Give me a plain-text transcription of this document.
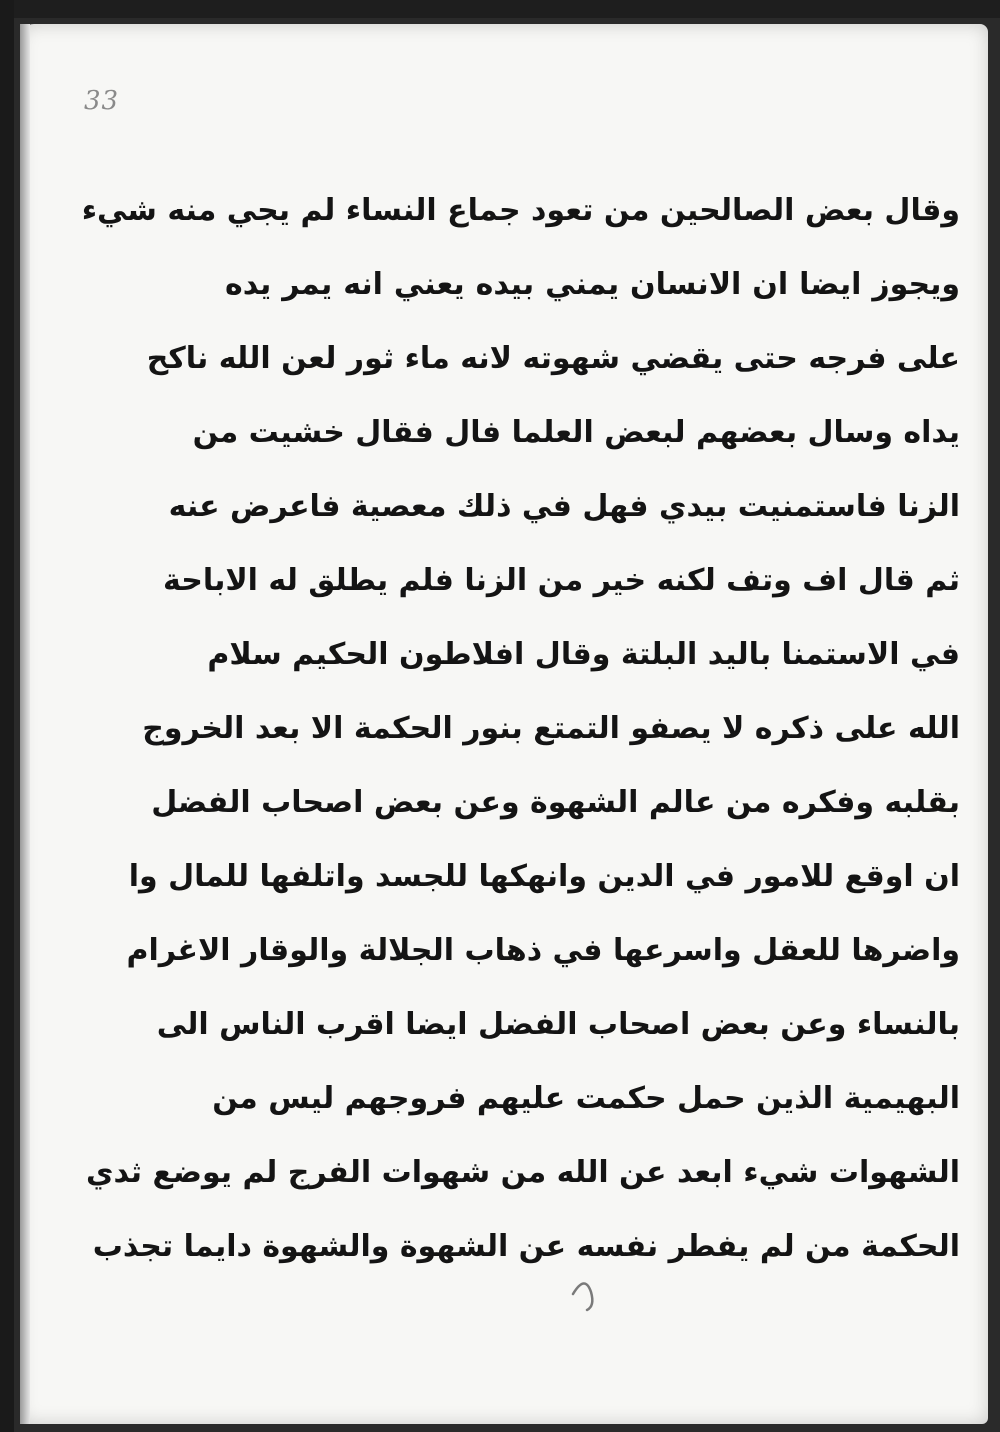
33
وقال بعض الصالحين من تعود جماع النساء لم يجي منه شيء
ويجوز ايضا ان الانسان يمني بيده يعني انه يمر يده
على فرجه حتى يقضي شهوته لانه ماء ثور لعن الله ناكح
يداه وسال بعضهم لبعض العلما فال فقال خشيت من
الزنا فاستمنيت بيدي فهل في ذلك معصية فاعرض عنه
ثم قال اف وتف لكنه خير من الزنا فلم يطلق له الاباحة
في الاستمنا باليد البلتة وقال افلاطون الحكيم سلام
الله على ذكره لا يصفو التمتع بنور الحكمة الا بعد الخروج
بقلبه وفكره من عالم الشهوة وعن بعض اصحاب الفضل
ان اوقع للامور في الدين وانهكها للجسد واتلفها للمال وا
واضرها للعقل واسرعها في ذهاب الجلالة والوقار الاغرام
بالنساء وعن بعض اصحاب الفضل ايضا اقرب الناس الى
البهيمية الذين حمل حكمت عليهم فروجهم ليس من
الشهوات شيء ابعد عن الله من شهوات الفرج لم يوضع ثدي
الحكمة من لم يفطر نفسه عن الشهوة والشهوة دايما تجذب
